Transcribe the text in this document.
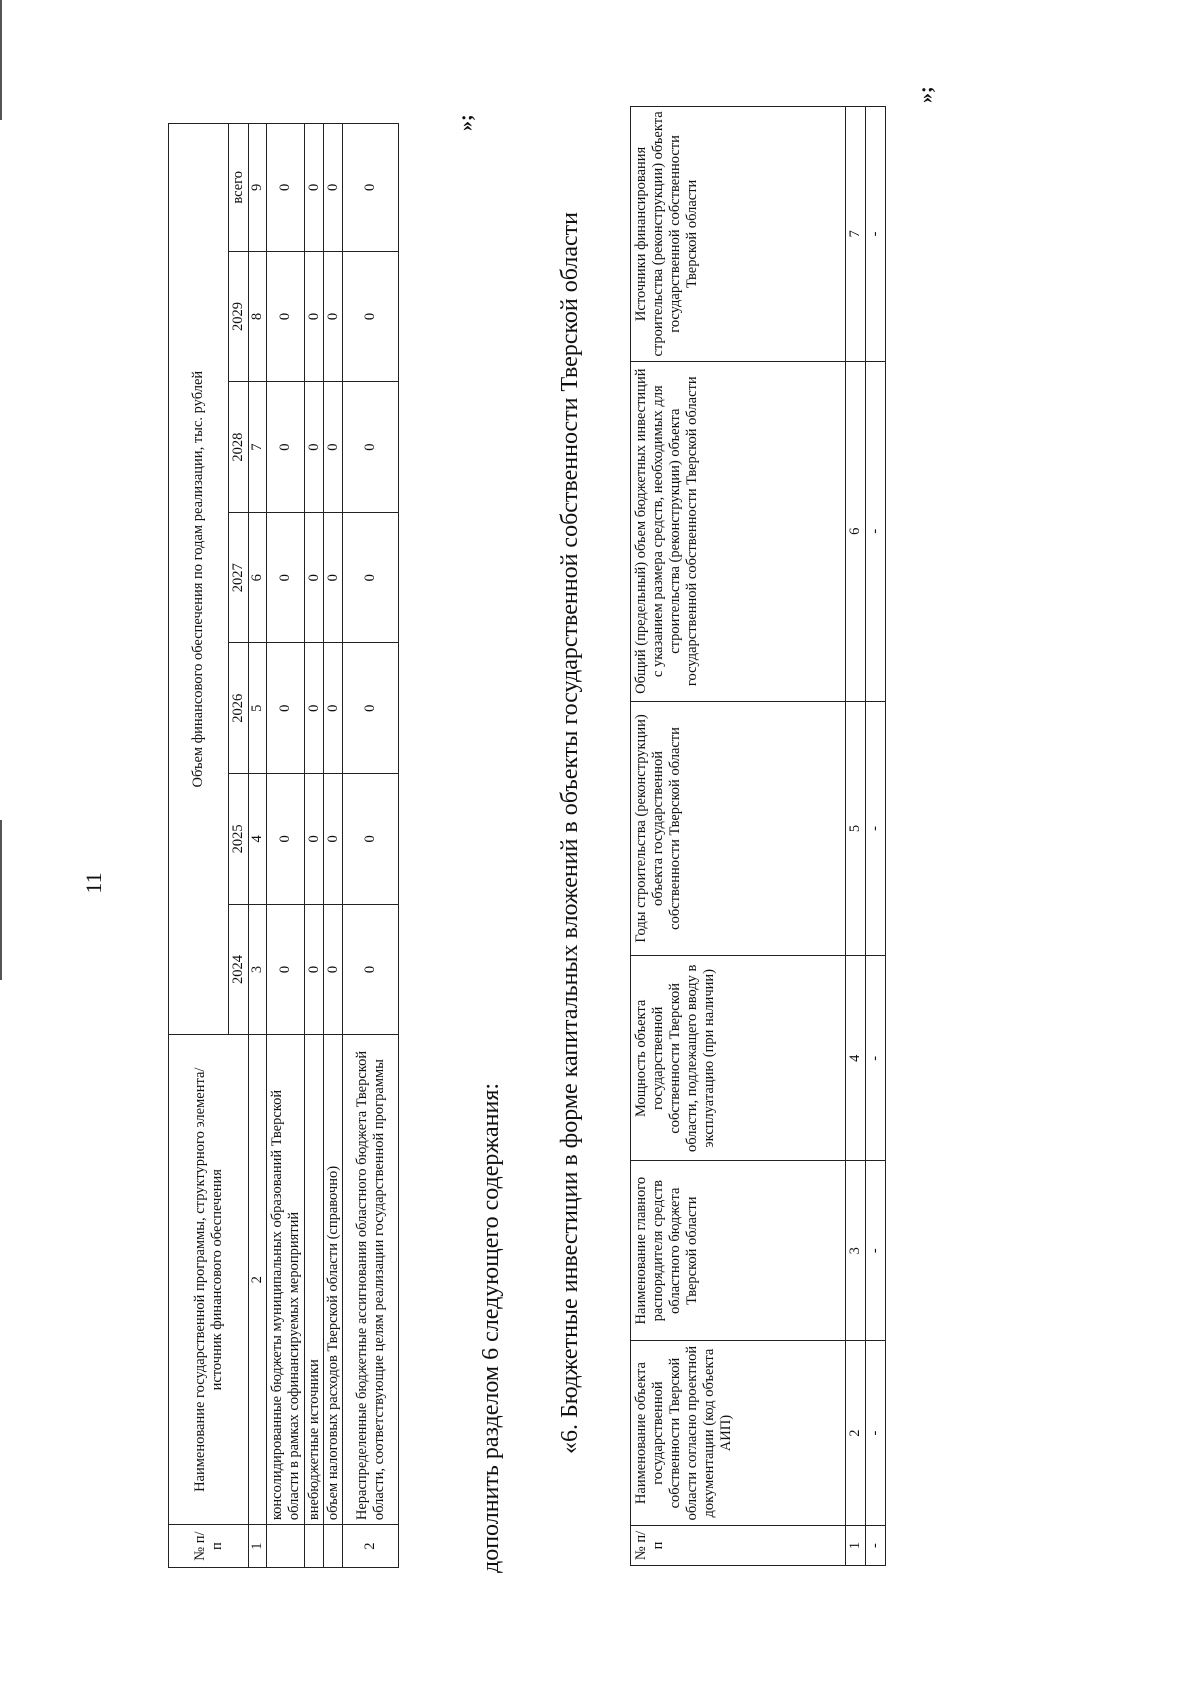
11
№ п/п	Наименование государственной программы, структурного элемента/источник финансового обеспечения	Объем финансового обеспечения по годам реализации, тыс. рублей						
		2024	2025	2026	2027	2028	2029	всего
1	2	3	4	5	6	7	8	9
	консолидированные бюджеты муниципальных образований Тверской области в рамках софинансируемых мероприятий	0	0	0	0	0	0	0
	внебюджетные источники	0	0	0	0	0	0	0
	объем налоговых расходов Тверской области (справочно)	0	0	0	0	0	0	0
2	Нераспределенные бюджетные ассигнования областного бюджета Тверской области, соответствующие целям реализации государственной программы	0	0	0	0	0	0	0
»;
дополнить разделом 6 следующего содержания: «6. Бюджетные инвестиции в форме капитальных вложений в объекты государственной собственности Тверской области
№ п/п	Наименование объекта государственной собственности Тверской области согласно проектной документации (код объекта АИП)	Наименование главного распорядителя средств областного бюджета Тверской области	Мощность объекта государственной собственности Тверской области, подлежащего вводу в эксплуатацию (при наличии)	Годы строительства (реконструкции) объекта государственной собственности Тверской области	Общий (предельный) объем бюджетных инвестиций с указанием размера средств, необходимых для строительства (реконструкции) объекта государственной собственности Тверской области	Источники финансирования строительства (реконструкции) объекта государственной собственности Тверской области
1	2	3	4	5	6	7
-	-	-	-	-	-	-
»;
